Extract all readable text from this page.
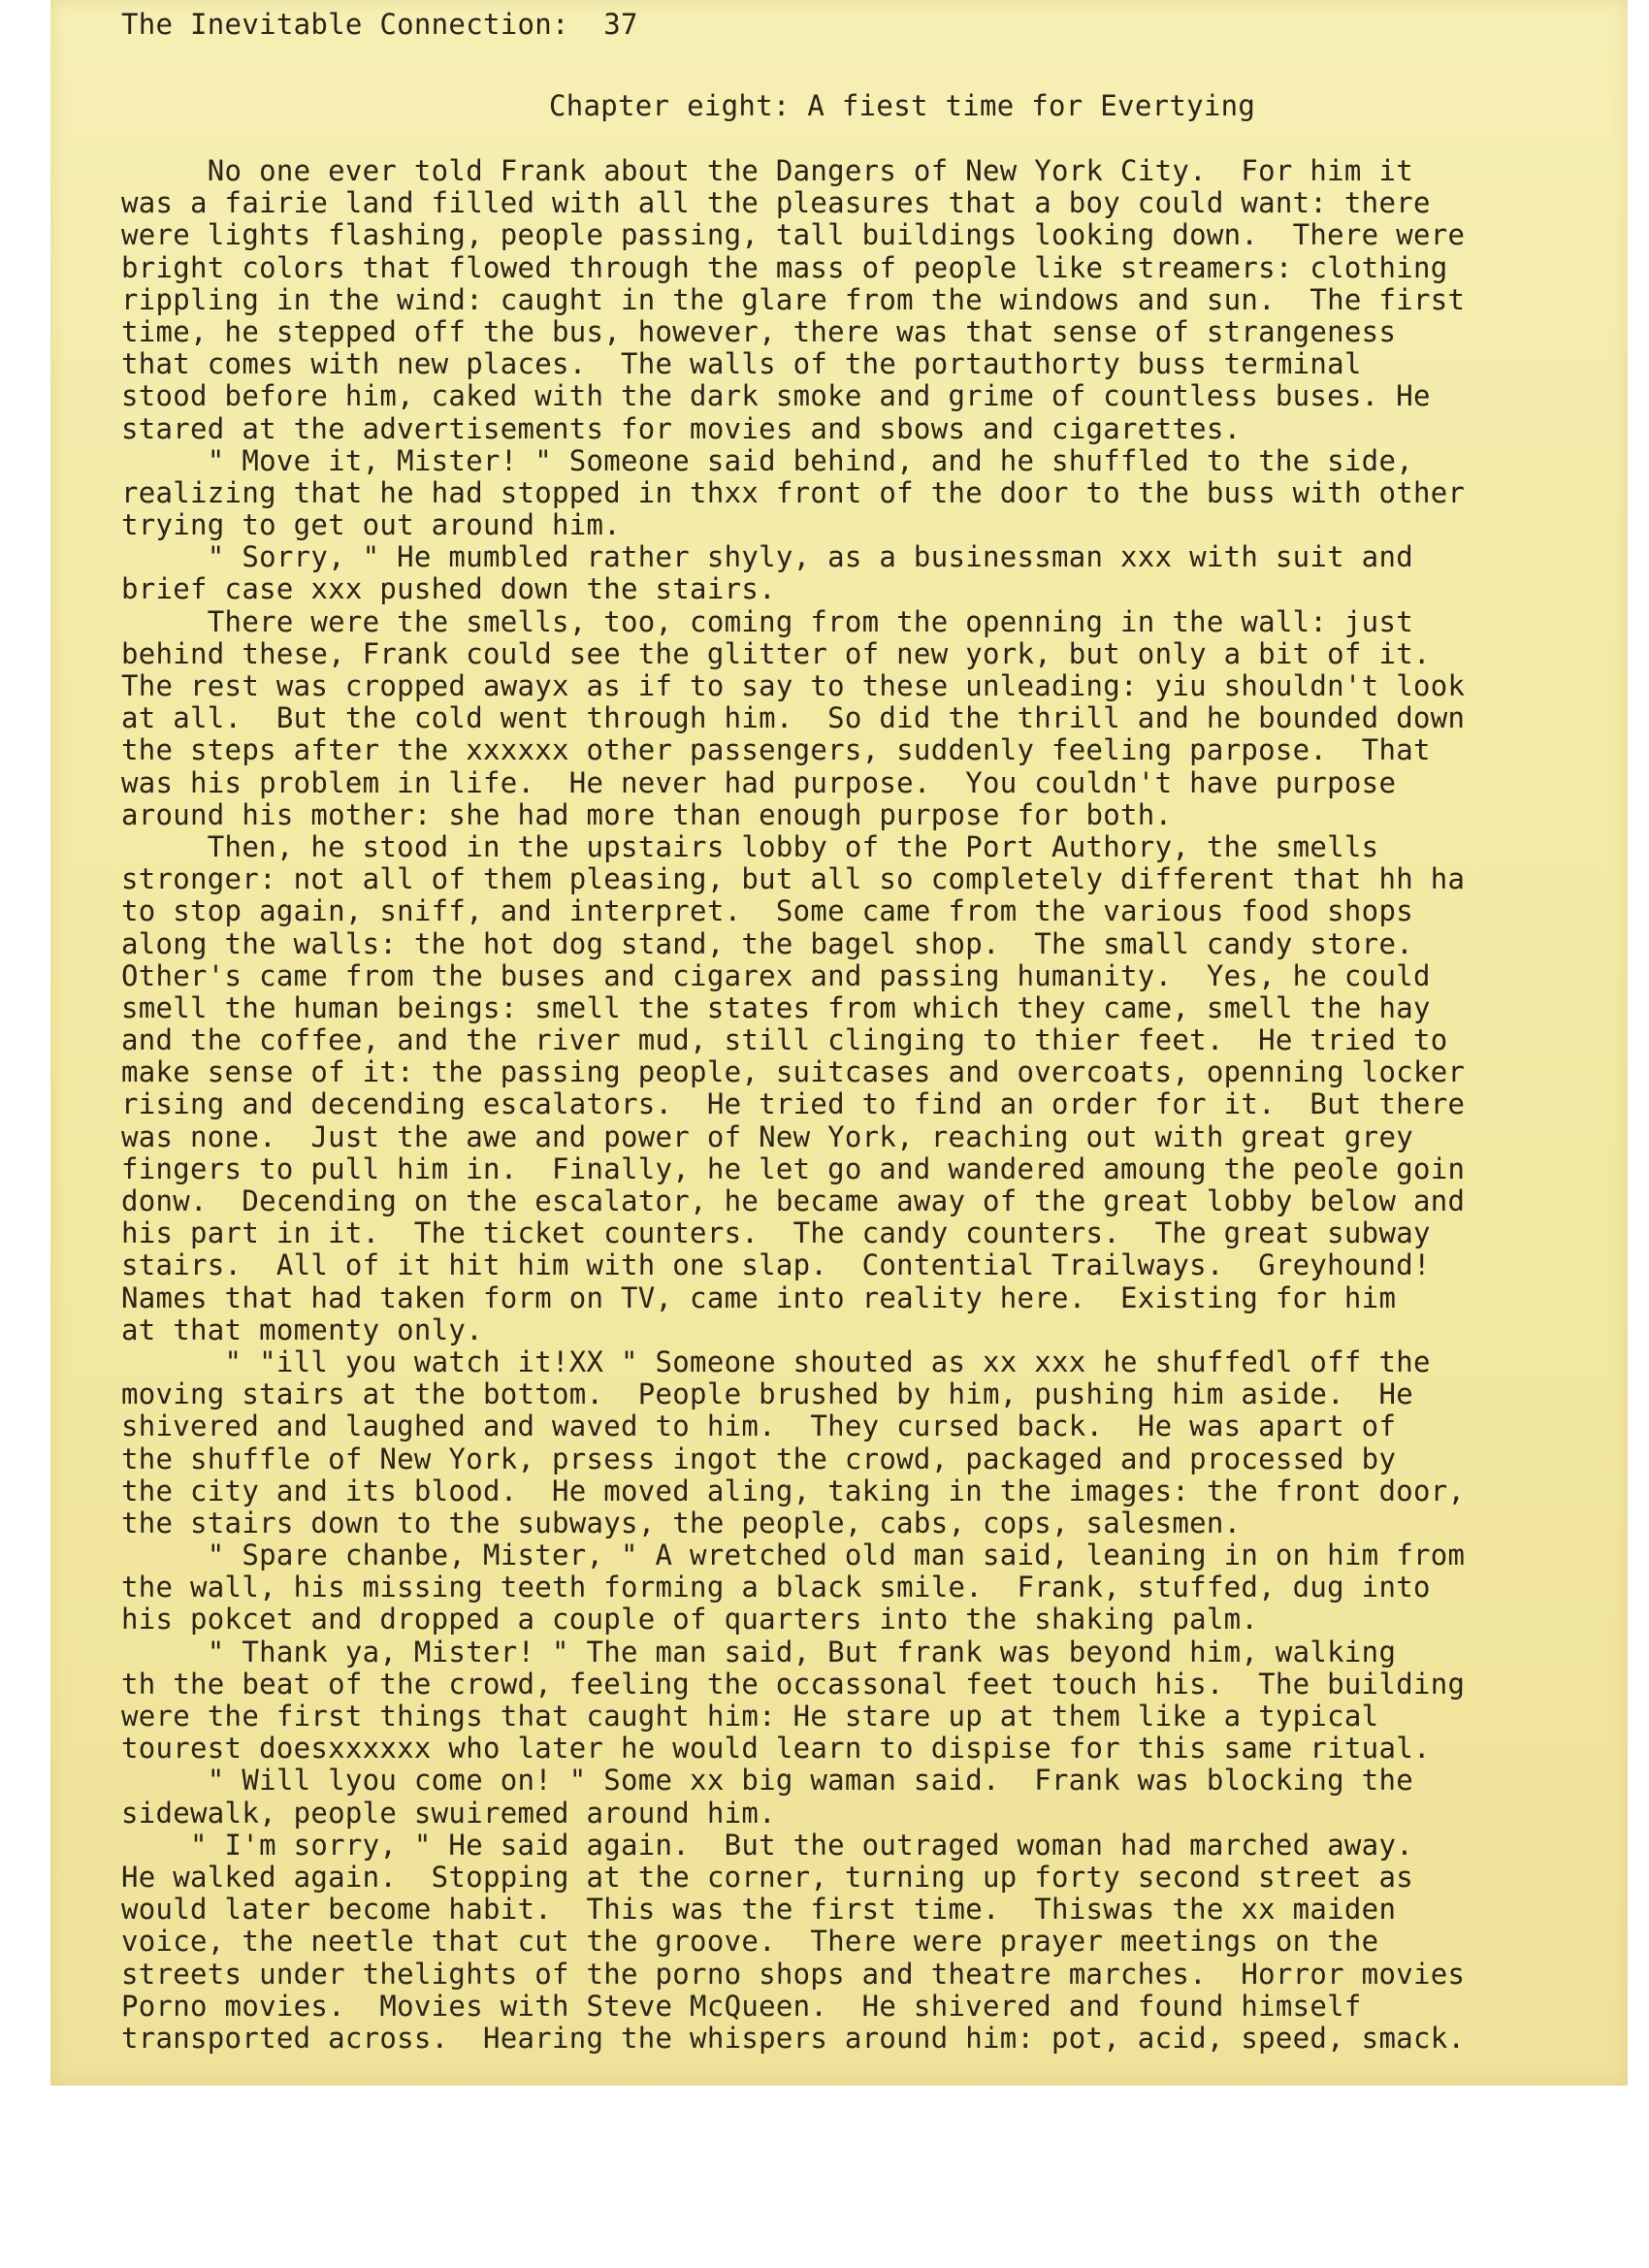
The Inevitable Connection:  37
Chapter eight: A fiest time for Evertying
No one ever told Frank about the Dangers of New York City.  For him it
was a fairie land filled with all the pleasures that a boy could want: there
were lights flashing, people passing, tall buildings looking down.  There were
bright colors that flowed through the mass of people like streamers: clothing
rippling in the wind: caught in the glare from the windows and sun.  The first
time, he stepped off the bus, however, there was that sense of strangeness
that comes with new places.  The walls of the portauthorty buss terminal
stood before him, caked with the dark smoke and grime of countless buses. He
stared at the advertisements for movies and sbows and cigarettes.
" Move it, Mister! " Someone said behind, and he shuffled to the side,
realizing that he had stopped in thxx front of the door to the buss with other
trying to get out around him.
" Sorry, " He mumbled rather shyly, as a businessman xxx with suit and
brief case xxx pushed down the stairs.
There were the smells, too, coming from the openning in the wall: just
behind these, Frank could see the glitter of new york, but only a bit of it.
The rest was cropped awayx as if to say to these unleading: yiu shouldn't look
at all.  But the cold went through him.  So did the thrill and he bounded down
the steps after the xxxxxx other passengers, suddenly feeling parpose.  That
was his problem in life.  He never had purpose.  You couldn't have purpose
around his mother: she had more than enough purpose for both.
Then, he stood in the upstairs lobby of the Port Authory, the smells
stronger: not all of them pleasing, but all so completely different that hh ha
to stop again, sniff, and interpret.  Some came from the various food shops
along the walls: the hot dog stand, the bagel shop.  The small candy store.
Other's came from the buses and cigarex and passing humanity.  Yes, he could
smell the human beings: smell the states from which they came, smell the hay
and the coffee, and the river mud, still clinging to thier feet.  He tried to
make sense of it: the passing people, suitcases and overcoats, openning locker
rising and decending escalators.  He tried to find an order for it.  But there
was none.  Just the awe and power of New York, reaching out with great grey
fingers to pull him in.  Finally, he let go and wandered amoung the peole goin
donw.  Decending on the escalator, he became away of the great lobby below and
his part in it.  The ticket counters.  The candy counters.  The great subway
stairs.  All of it hit him with one slap.  Contential Trailways.  Greyhound!
Names that had taken form on TV, came into reality here.  Existing for him
at that momenty only.
" "ill you watch it!XX " Someone shouted as xx xxx he shuffedl off the
moving stairs at the bottom.  People brushed by him, pushing him aside.  He
shivered and laughed and waved to him.  They cursed back.  He was apart of
the shuffle of New York, prsess ingot the crowd, packaged and processed by
the city and its blood.  He moved aling, taking in the images: the front door,
the stairs down to the subways, the people, cabs, cops, salesmen.
" Spare chanbe, Mister, " A wretched old man said, leaning in on him from
the wall, his missing teeth forming a black smile.  Frank, stuffed, dug into
his pokcet and dropped a couple of quarters into the shaking palm.
" Thank ya, Mister! " The man said, But frank was beyond him, walking
th the beat of the crowd, feeling the occassonal feet touch his.  The building
were the first things that caught him: He stare up at them like a typical
tourest doesxxxxxx who later he would learn to dispise for this same ritual.
" Will lyou come on! " Some xx big waman said.  Frank was blocking the
sidewalk, people swuiremed around him.
" I'm sorry, " He said again.  But the outraged woman had marched away.
He walked again.  Stopping at the corner, turning up forty second street as
would later become habit.  This was the first time.  Thiswas the xx maiden
voice, the neetle that cut the groove.  There were prayer meetings on the
streets under thelights of the porno shops and theatre marches.  Horror movies
Porno movies.  Movies with Steve McQueen.  He shivered and found himself
transported across.  Hearing the whispers around him: pot, acid, speed, smack.
